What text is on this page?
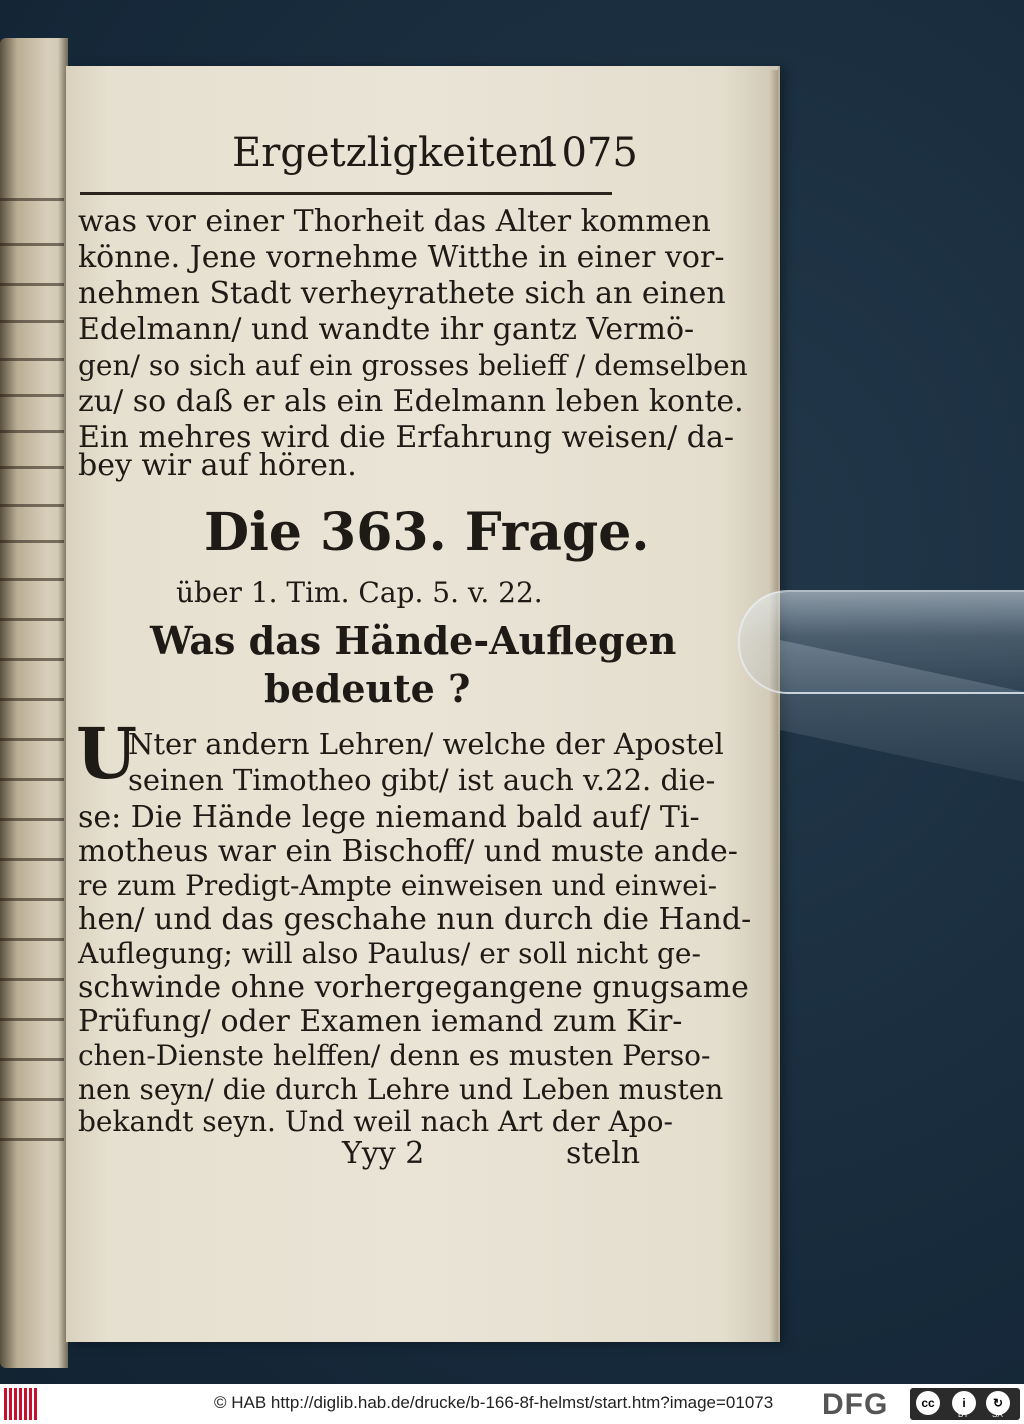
Ergetzligkeiten.
1075
was vor einer Thorheit das Alter kommen
könne. Jene vornehme Witthe in einer vor-
nehmen Stadt verheyrathete sich an einen
Edelmann/ und wandte ihr gantz Vermö-
gen/ so sich auf ein grosses belieff / demselben
zu/ so daß er als ein Edelmann leben konte.
Ein mehres wird die Erfahrung weisen/ da-
bey wir auf hören.
Die 363. Frage.
über 1. Tim. Cap. 5. v. 22.
Was das Hände-Auflegen
bedeute ?
U
Nter andern Lehren/ welche der Apostel
seinen Timotheo gibt/ ist auch v.22. die-
se: Die Hände lege niemand bald auf/ Ti-
motheus war ein Bischoff/ und muste ande-
re zum Predigt-Ampte einweisen und einwei-
hen/ und das geschahe nun durch die Hand-
Auflegung; will also Paulus/ er soll nicht ge-
schwinde ohne vorhergegangene gnugsame
Prüfung/ oder Examen iemand zum Kir-
chen-Dienste helffen/ denn es musten Perso-
nen seyn/ die durch Lehre und Leben musten
bekandt seyn. Und weil nach Art der Apo-
Yyy 2	steln
© HAB http://diglib.hab.de/drucke/b-166-8f-helmst/start.htm?image=01073 DFG	cc	i	↻
BY	SA
